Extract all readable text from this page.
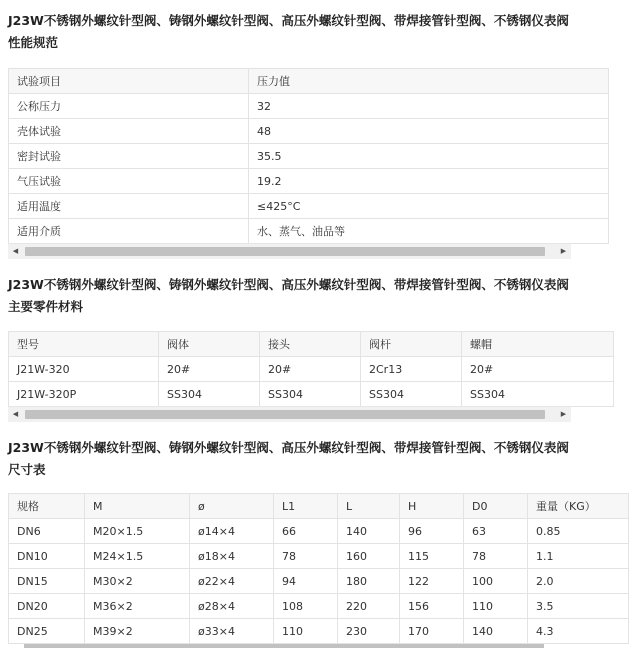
J23W不锈钢外螺纹针型阀、铸钢外螺纹针型阀、高压外螺纹针型阀、带焊接管针型阀、不锈钢仪表阀性能规范
试验项目	压力值
公称压力	32
壳体试验	48
密封试验	35.5
气压试验	19.2
适用温度	≤425°C
适用介质	水、蒸气、油品等
◀	▶
J23W不锈钢外螺纹针型阀、铸钢外螺纹针型阀、高压外螺纹针型阀、带焊接管针型阀、不锈钢仪表阀主要零件材料
型号	阀体	接头	阀杆	螺帽
J21W-320	20#	20#	2Cr13	20#
J21W-320P	SS304	SS304	SS304	SS304
◀	▶
J23W不锈钢外螺纹针型阀、铸钢外螺纹针型阀、高压外螺纹针型阀、带焊接管针型阀、不锈钢仪表阀尺寸表
规格	M	ø	L1	L	H	D0	重量（KG）
DN6	M20×1.5	ø14×4	66	140	96	63	0.85
DN10	M24×1.5	ø18×4	78	160	115	78	1.1
DN15	M30×2	ø22×4	94	180	122	100	2.0
DN20	M36×2	ø28×4	108	220	156	110	3.5
DN25	M39×2	ø33×4	110	230	170	140	4.3
